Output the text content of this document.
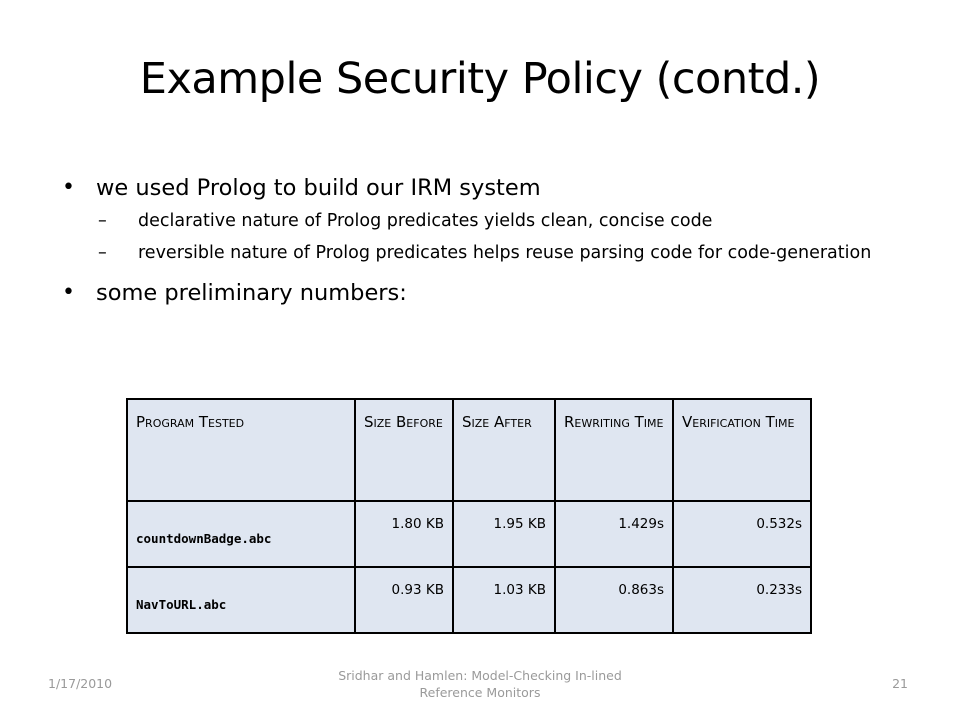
Example Security Policy (contd.)
• we used Prolog to build our IRM system
– declarative nature of Prolog predicates yields clean, concise code
– reversible nature of Prolog predicates helps reuse parsing code for code-generation
• some preliminary numbers:
Program Tested	Size Before	Size After	Rewriting Time	Verification Time
countdownBadge.abc	1.80 KB	1.95 KB	1.429s	0.532s
NavToURL.abc	0.93 KB	1.03 KB	0.863s	0.233s
1/17/2010
Sridhar and Hamlen: Model-Checking In-lined Reference Monitors
21
